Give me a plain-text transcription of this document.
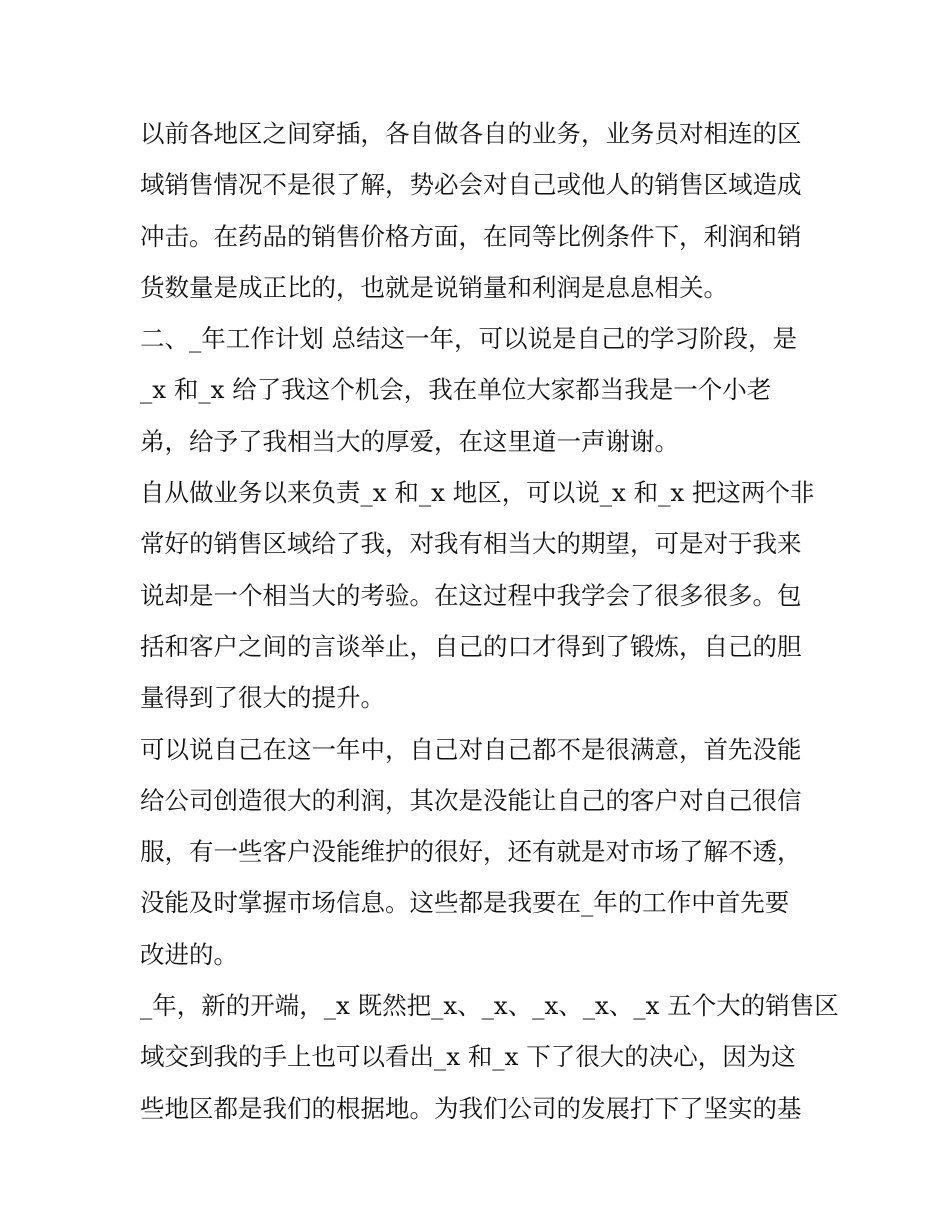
以前各地区之间穿插，各自做各自的业务，业务员对相连的区
域销售情况不是很了解，势必会对自己或他人的销售区域造成
冲击。在药品的销售价格方面，在同等比例条件下，利润和销
货数量是成正比的，也就是说销量和利润是息息相关。
二、_年工作计划 总结这一年，可以说是自己的学习阶段，是
_x 和_x 给了我这个机会，我在单位大家都当我是一个小老
弟，给予了我相当大的厚爱，在这里道一声谢谢。
自从做业务以来负责_x 和_x 地区，可以说_x 和_x 把这两个非
常好的销售区域给了我，对我有相当大的期望，可是对于我来
说却是一个相当大的考验。在这过程中我学会了很多很多。包
括和客户之间的言谈举止，自己的口才得到了锻炼，自己的胆
量得到了很大的提升。
可以说自己在这一年中，自己对自己都不是很满意，首先没能
给公司创造很大的利润，其次是没能让自己的客户对自己很信
服，有一些客户没能维护的很好，还有就是对市场了解不透，
没能及时掌握市场信息。这些都是我要在_年的工作中首先要
改进的。
_年，新的开端，_x 既然把_x、_x、_x、_x、_x 五个大的销售区
域交到我的手上也可以看出_x 和_x 下了很大的决心，因为这
些地区都是我们的根据地。为我们公司的发展打下了坚实的基
